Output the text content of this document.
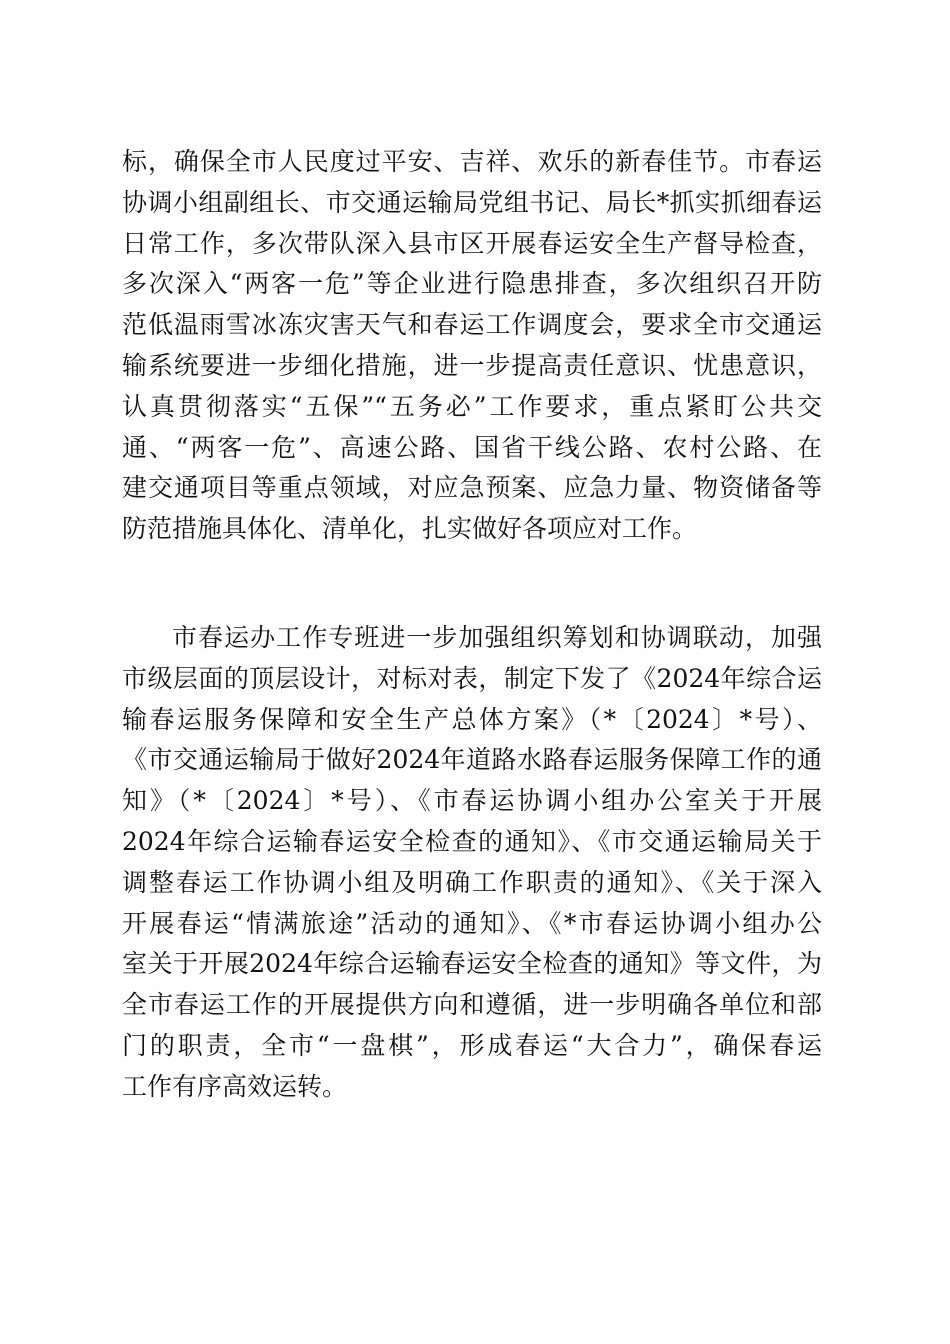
标，确保全市人民度过平安、吉祥、欢乐的新春佳节。市春运
协调小组副组长、市交通运输局党组书记、局长*抓实抓细春运
日常工作，多次带队深入县市区开展春运安全生产督导检查，
多次深入“两客一危”等企业进行隐患排查，多次组织召开防
范低温雨雪冰冻灾害天气和春运工作调度会，要求全市交通运
输系统要进一步细化措施，进一步提高责任意识、忧患意识，
认真贯彻落实“五保”“五务必”工作要求，重点紧盯公共交
通、“两客一危”、高速公路、国省干线公路、农村公路、在
建交通项目等重点领域，对应急预案、应急力量、物资储备等
防范措施具体化、清单化，扎实做好各项应对工作。
市春运办工作专班进一步加强组织筹划和协调联动，加强
市级层面的顶层设计，对标对表，制定下发了《2024年综合运
输春运服务保障和安全生产总体方案》（*〔2024〕*号）、
《市交通运输局于做好2024年道路水路春运服务保障工作的通
知》（*〔2024〕*号）、《市春运协调小组办公室关于开展
2024年综合运输春运安全检查的通知》、《市交通运输局关于
调整春运工作协调小组及明确工作职责的通知》、《关于深入
开展春运“情满旅途”活动的通知》、《*市春运协调小组办公
室关于开展2024年综合运输春运安全检查的通知》等文件，为
全市春运工作的开展提供方向和遵循，进一步明确各单位和部
门的职责，全市“一盘棋”，形成春运“大合力”，确保春运
工作有序高效运转。
